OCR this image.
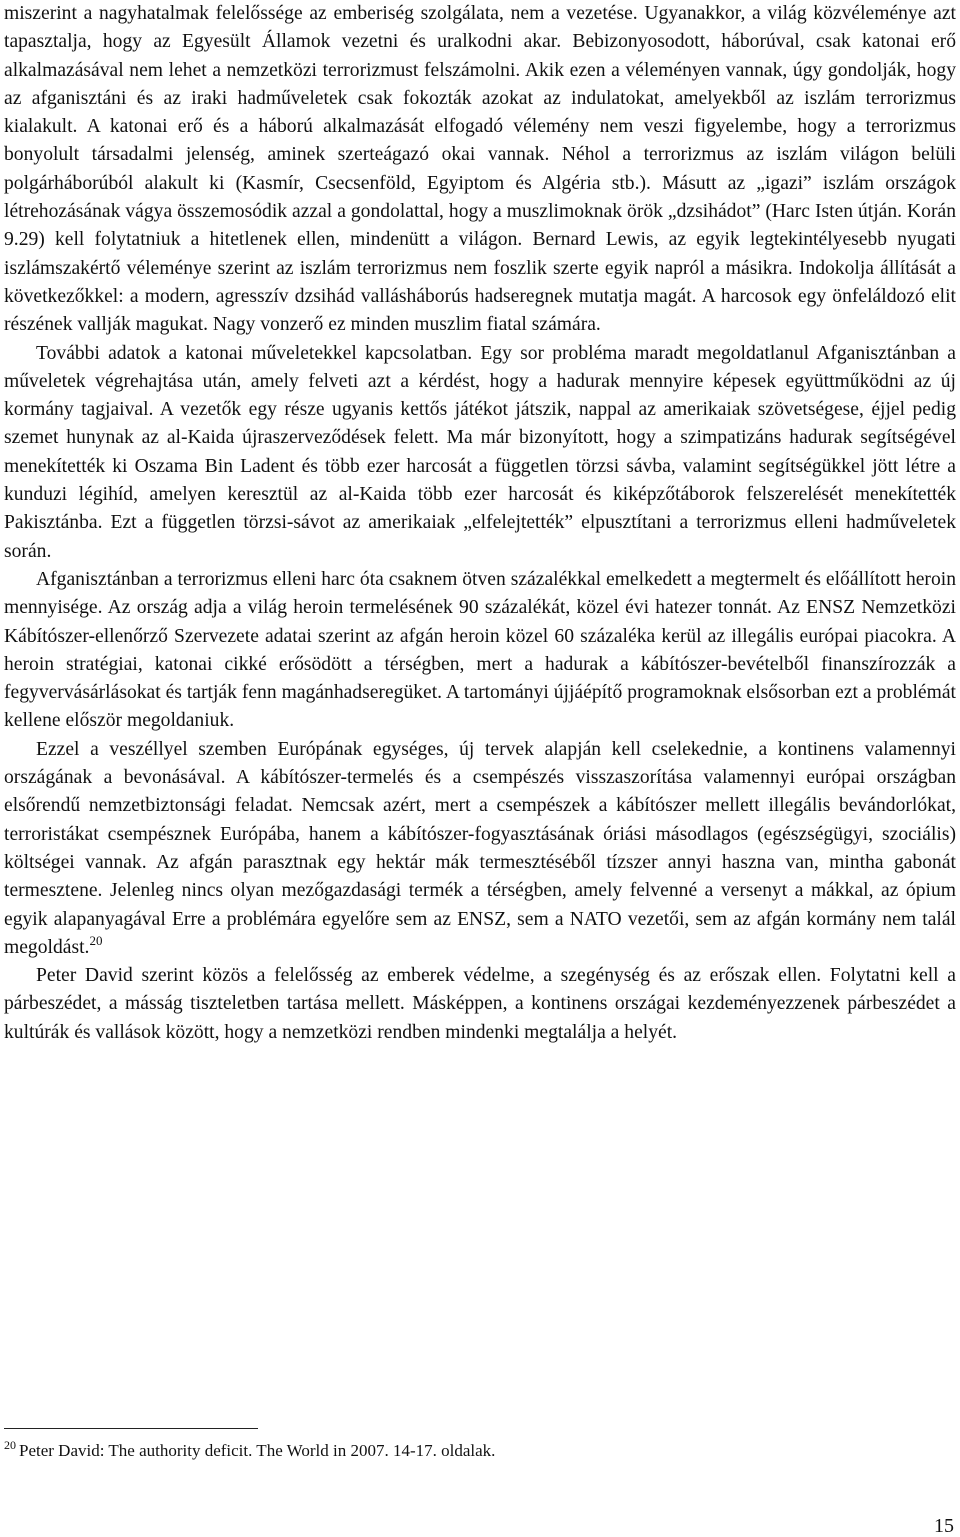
miszerint a nagyhatalmak felelőssége az emberiség szolgálata, nem a vezetése. Ugyanakkor, a világ közvéleménye azt tapasztalja, hogy az Egyesült Államok vezetni és uralkodni akar. Bebizonyosodott, háborúval, csak katonai erő alkalmazásával nem lehet a nemzetközi terrorizmust felszámolni. Akik ezen a véleményen vannak, úgy gondolják, hogy az afganisztáni és az iraki hadműveletek csak fokozták azokat az indulatokat, amelyekből az iszlám terrorizmus kialakult. A katonai erő és a háború alkalmazását elfogadó vélemény nem veszi figyelembe, hogy a terrorizmus bonyolult társadalmi jelenség, aminek szerteágazó okai vannak. Néhol a terrorizmus az iszlám világon belüli polgárháborúból alakult ki (Kasmír, Csecsenföld, Egyiptom és Algéria stb.). Másutt az „igazi” iszlám országok létrehozásának vágya összemosódik azzal a gondolattal, hogy a muszlimoknak örök „dzsihádot” (Harc Isten útján. Korán 9.29) kell folytatniuk a hitetlenek ellen, mindenütt a világon. Bernard Lewis, az egyik legtekintélyesebb nyugati iszlámszakértő véleménye szerint az iszlám terrorizmus nem foszlik szerte egyik napról a másikra. Indokolja állítását a következőkkel: a modern, agresszív dzsihád vallásháborús hadseregnek mutatja magát. A harcosok egy önfeláldozó elit részének vallják magukat. Nagy vonzerő ez minden muszlim fiatal számára.

További adatok a katonai műveletekkel kapcsolatban. Egy sor probléma maradt megoldatlanul Afganisztánban a műveletek végrehajtása után, amely felveti azt a kérdést, hogy a hadurak mennyire képesek együttműködni az új kormány tagjaival. A vezetők egy része ugyanis kettős játékot játszik, nappal az amerikaiak szövetségese, éjjel pedig szemet hunynak az al-Kaida újraszerveződések felett. Ma már bizonyított, hogy a szimpatizáns hadurak segítségével menekítették ki Oszama Bin Ladent és több ezer harcosát a független törzsi sávba, valamint segítségükkel jött létre a kunduzi légihíd, amelyen keresztül az al-Kaida több ezer harcosát és kiképzőtáborok felszerelését menekítették Pakisztánba. Ezt a független törzsi-sávot az amerikaiak „elfelejtették” elpusztítani a terrorizmus elleni hadműveletek során.

Afganisztánban a terrorizmus elleni harc óta csaknem ötven százalékkal emelkedett a megtermelt és előállított heroin mennyisége. Az ország adja a világ heroin termelésének 90 százalékát, közel évi hatezer tonnát. Az ENSZ Nemzetközi Kábítószer-ellenőrző Szervezete adatai szerint az afgán heroin közel 60 százaléka kerül az illegális európai piacokra. A heroin stratégiai, katonai cikké erősödött a térségben, mert a hadurak a kábítószer-bevételből finanszírozzák a fegyvervásárlásokat és tartják fenn magánhadseregüket. A tartományi újjáépítő programoknak elsősorban ezt a problémát kellene először megoldaniuk.

Ezzel a veszéllyel szemben Európának egységes, új tervek alapján kell cselekednie, a kontinens valamennyi országának a bevonásával. A kábítószer-termelés és a csempészés visszaszorítása valamennyi európai országban elsőrendű nemzetbiztonsági feladat. Nemcsak azért, mert a csempészek a kábítószer mellett illegális bevándorlókat, terroristákat csempésznek Európába, hanem a kábítószer-fogyasztásának óriási másodlagos (egészségügyi, szociális) költségei vannak. Az afgán parasztnak egy hektár mák termesztéséből tízszer annyi haszna van, mintha gabonát termesztene. Jelenleg nincs olyan mezőgazdasági termék a térségben, amely felvenné a versenyt a mákkal, az ópium egyik alapanyagával Erre a problémára egyelőre sem az ENSZ, sem a NATO vezetői, sem az afgán kormány nem talál megoldást.$^{20}$

Peter David szerint közös a felelősség az emberek védelme, a szegénység és az erőszak ellen. Folytatni kell a párbeszédet, a másság tiszteletben tartása mellett. Másképpen, a kontinens országai kezdeményezzenek párbeszédet a kultúrák és vallások között, hogy a nemzetközi rendben mindenki megtalálja a helyét.

$^{20}$ Peter David: The authority deficit. The World in 2007. 14-17. oldalak.

15
